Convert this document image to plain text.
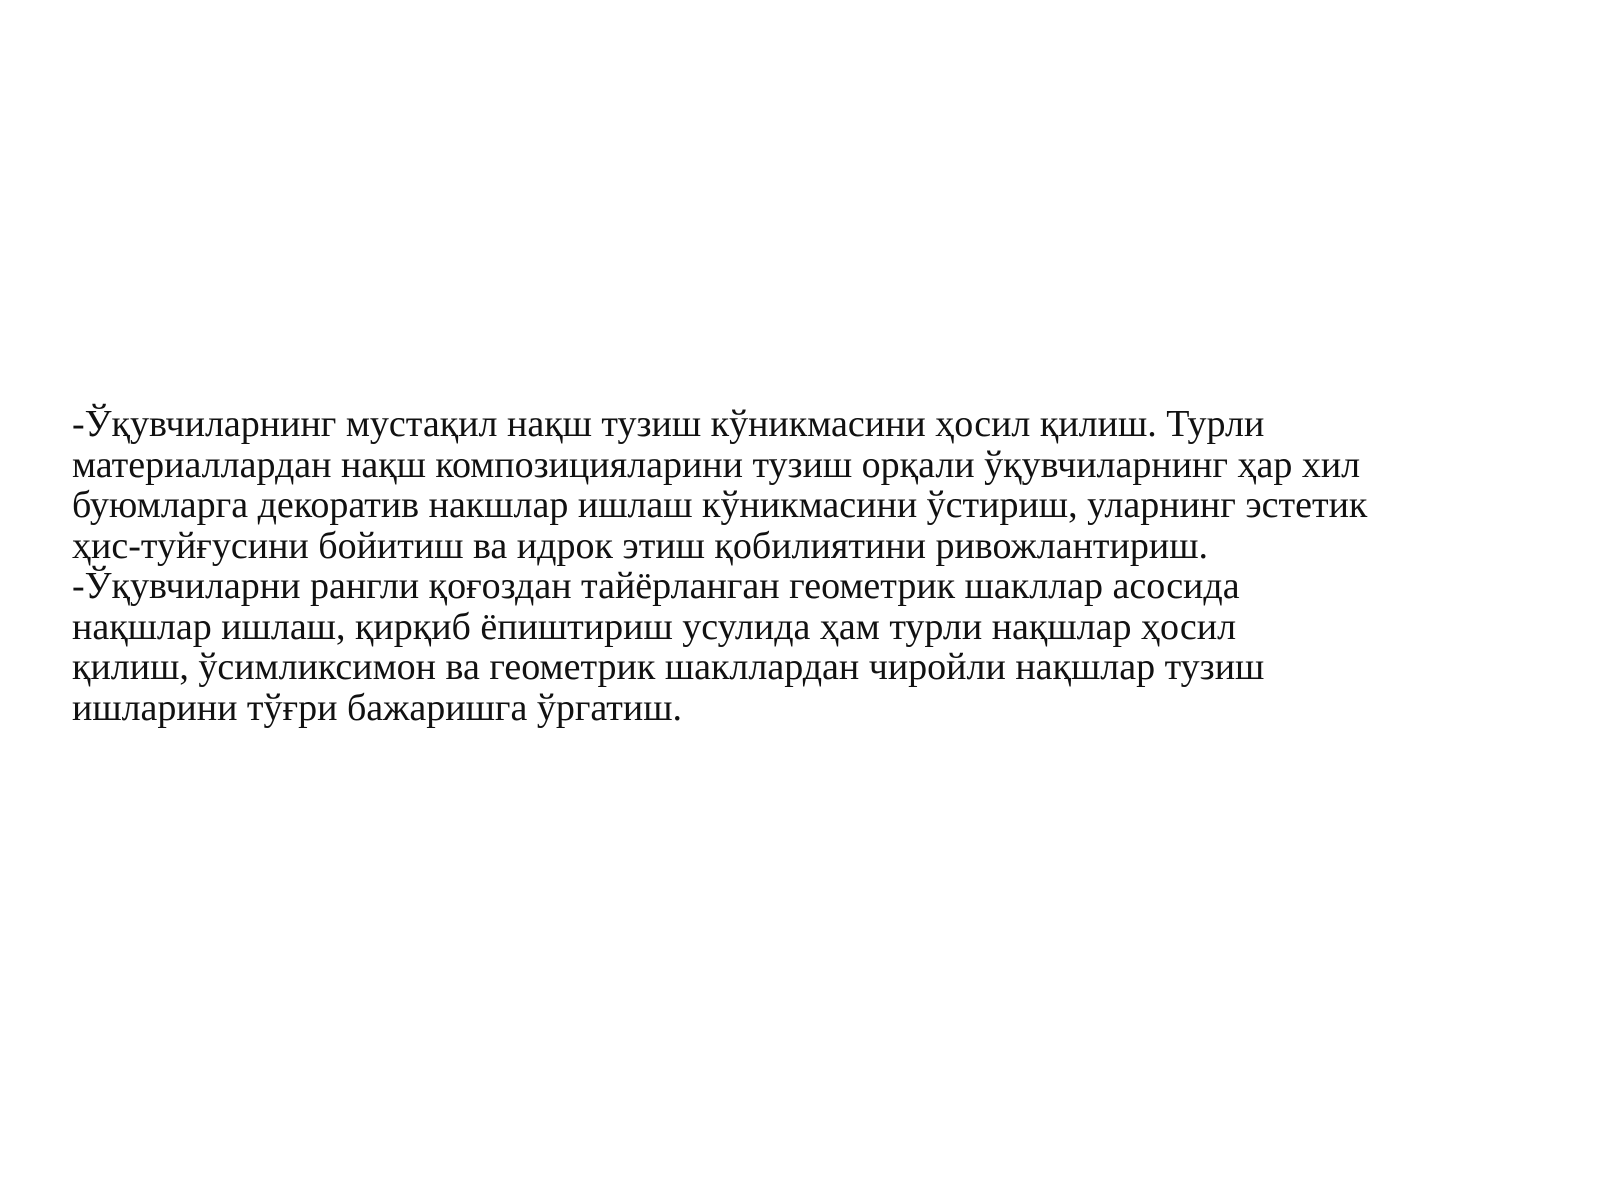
-Ўқувчиларнинг мустақил нақш тузиш кўникмасини ҳосил қилиш. Турли
материаллардан нақш композицияларини тузиш орқали ўқувчиларнинг ҳар хил
буюмларга декоратив накшлар ишлаш кўникмасини ўстириш, уларнинг эстетик
ҳис-туйғусини бойитиш ва идрок этиш қобилиятини ривожлантириш.
-Ўқувчиларни рангли қоғоздан тайёрланган геометрик шакллар асосида
нақшлар ишлаш, қирқиб ёпиштириш усулида ҳам турли нақшлар ҳосил
қилиш, ўсимликсимон ва геометрик шакллардан чиройли нақшлар тузиш
ишларини тўғри бажаришга ўргатиш.
